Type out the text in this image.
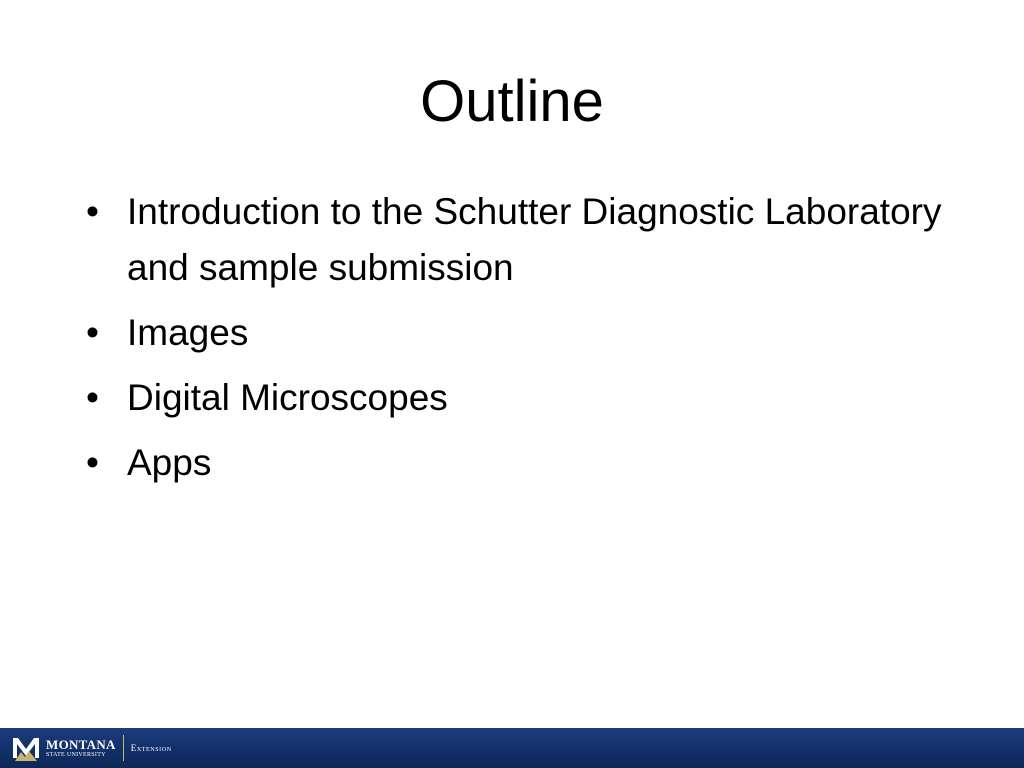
Outline
• Introduction to the Schutter Diagnostic Laboratory and sample submission
• Images
• Digital Microscopes
• Apps
MONTANA
STATE UNIVERSITY
Extension
